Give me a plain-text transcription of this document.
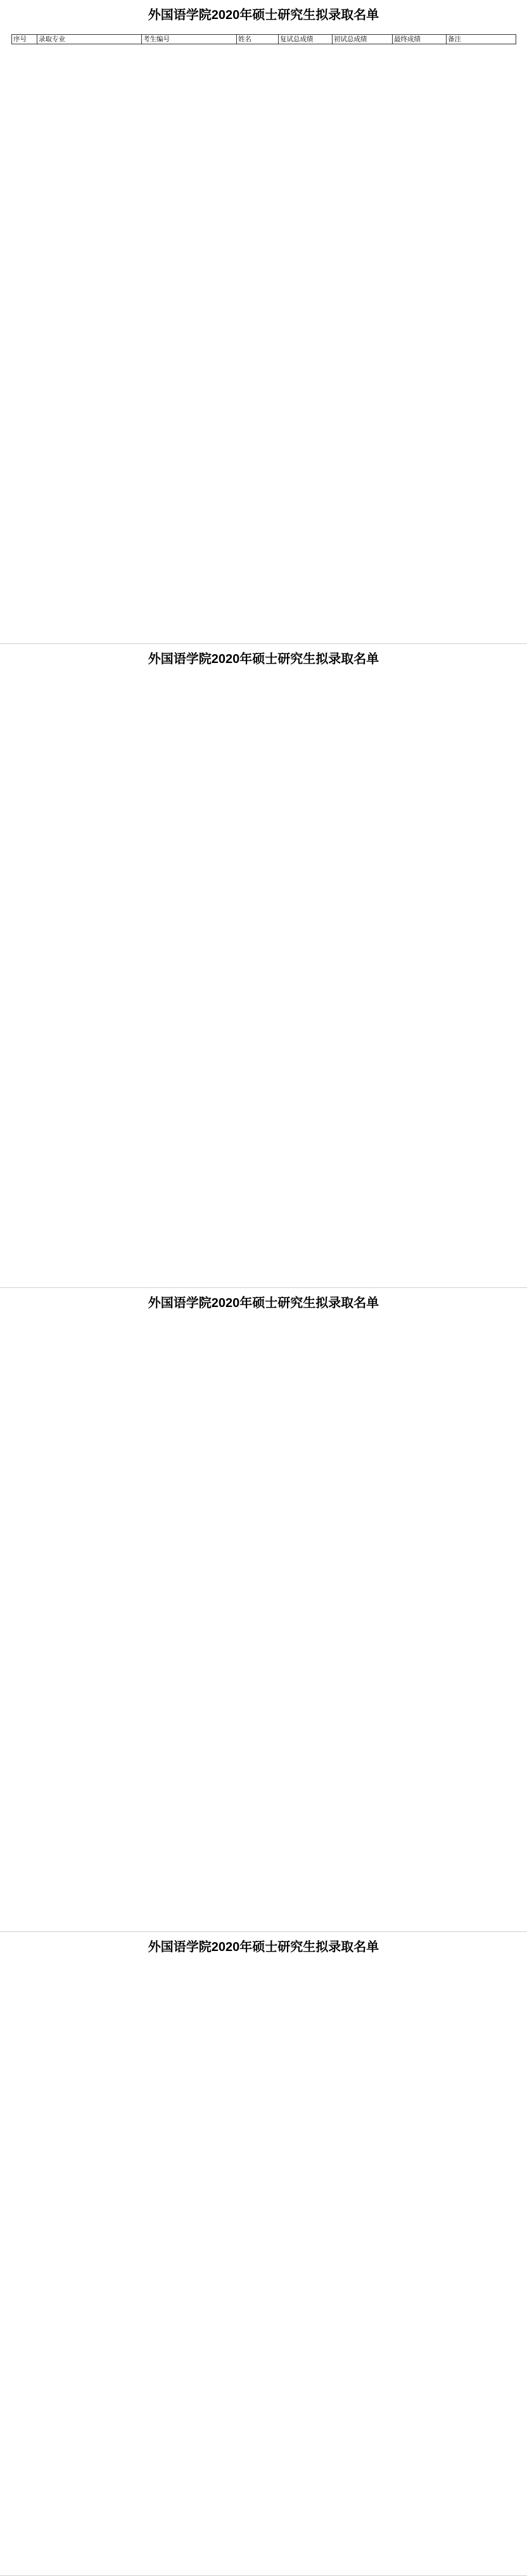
外国语学院2020年硕士研究生拟录取名单
序号	录取专业	考生编号	姓名	复试总成绩	初试总成绩	最终成绩	备注
外国语学院2020年硕士研究生拟录取名单
外国语学院2020年硕士研究生拟录取名单
外国语学院2020年硕士研究生拟录取名单
